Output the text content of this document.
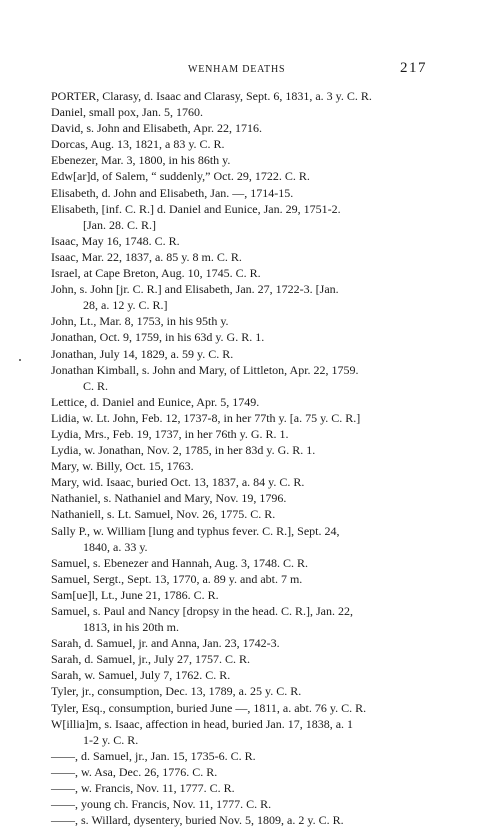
WENHAM DEATHS	217
PORTER, Clarasy, d. Isaac and Clarasy, Sept. 6, 1831, a. 3 y. C. R.
Daniel, small pox, Jan. 5, 1760.
David, s. John and Elisabeth, Apr. 22, 1716.
Dorcas, Aug. 13, 1821, a 83 y. C. R.
Ebenezer, Mar. 3, 1800, in his 86th y.
Edw[ar]d, of Salem, “ suddenly,” Oct. 29, 1722. C. R.
Elisabeth, d. John and Elisabeth, Jan. —, 1714-15.
Elisabeth, [inf. C. R.] d. Daniel and Eunice, Jan. 29, 1751-2.
[Jan. 28. C. R.]
Isaac, May 16, 1748. C. R.
Isaac, Mar. 22, 1837, a. 85 y. 8 m. C. R.
Israel, at Cape Breton, Aug. 10, 1745. C. R.
John, s. John [jr. C. R.] and Elisabeth, Jan. 27, 1722-3. [Jan.
28, a. 12 y. C. R.]
John, Lt., Mar. 8, 1753, in his 95th y.
Jonathan, Oct. 9, 1759, in his 63d y. G. R. 1.
Jonathan, July 14, 1829, a. 59 y. C. R.
Jonathan Kimball, s. John and Mary, of Littleton, Apr. 22, 1759.
C. R.
Lettice, d. Daniel and Eunice, Apr. 5, 1749.
Lidia, w. Lt. John, Feb. 12, 1737-8, in her 77th y. [a. 75 y. C. R.]
Lydia, Mrs., Feb. 19, 1737, in her 76th y. G. R. 1.
Lydia, w. Jonathan, Nov. 2, 1785, in her 83d y. G. R. 1.
Mary, w. Billy, Oct. 15, 1763.
Mary, wid. Isaac, buried Oct. 13, 1837, a. 84 y. C. R.
Nathaniel, s. Nathaniel and Mary, Nov. 19, 1796.
Nathaniell, s. Lt. Samuel, Nov. 26, 1775. C. R.
Sally P., w. William [lung and typhus fever. C. R.], Sept. 24,
1840, a. 33 y.
Samuel, s. Ebenezer and Hannah, Aug. 3, 1748. C. R.
Samuel, Sergt., Sept. 13, 1770, a. 89 y. and abt. 7 m.
Sam[ue]l, Lt., June 21, 1786. C. R.
Samuel, s. Paul and Nancy [dropsy in the head. C. R.], Jan. 22,
1813, in his 20th m.
Sarah, d. Samuel, jr. and Anna, Jan. 23, 1742-3.
Sarah, d. Samuel, jr., July 27, 1757. C. R.
Sarah, w. Samuel, July 7, 1762. C. R.
Tyler, jr., consumption, Dec. 13, 1789, a. 25 y. C. R.
Tyler, Esq., consumption, buried June —, 1811, a. abt. 76 y. C. R.
W[illia]m, s. Isaac, affection in head, buried Jan. 17, 1838, a. 1
1-2 y. C. R.
——, d. Samuel, jr., Jan. 15, 1735-6. C. R.
——, w. Asa, Dec. 26, 1776. C. R.
——, w. Francis, Nov. 11, 1777. C. R.
——, young ch. Francis, Nov. 11, 1777. C. R.
——, s. Willard, dysentery, buried Nov. 5, 1809, a. 2 y. C. R.
